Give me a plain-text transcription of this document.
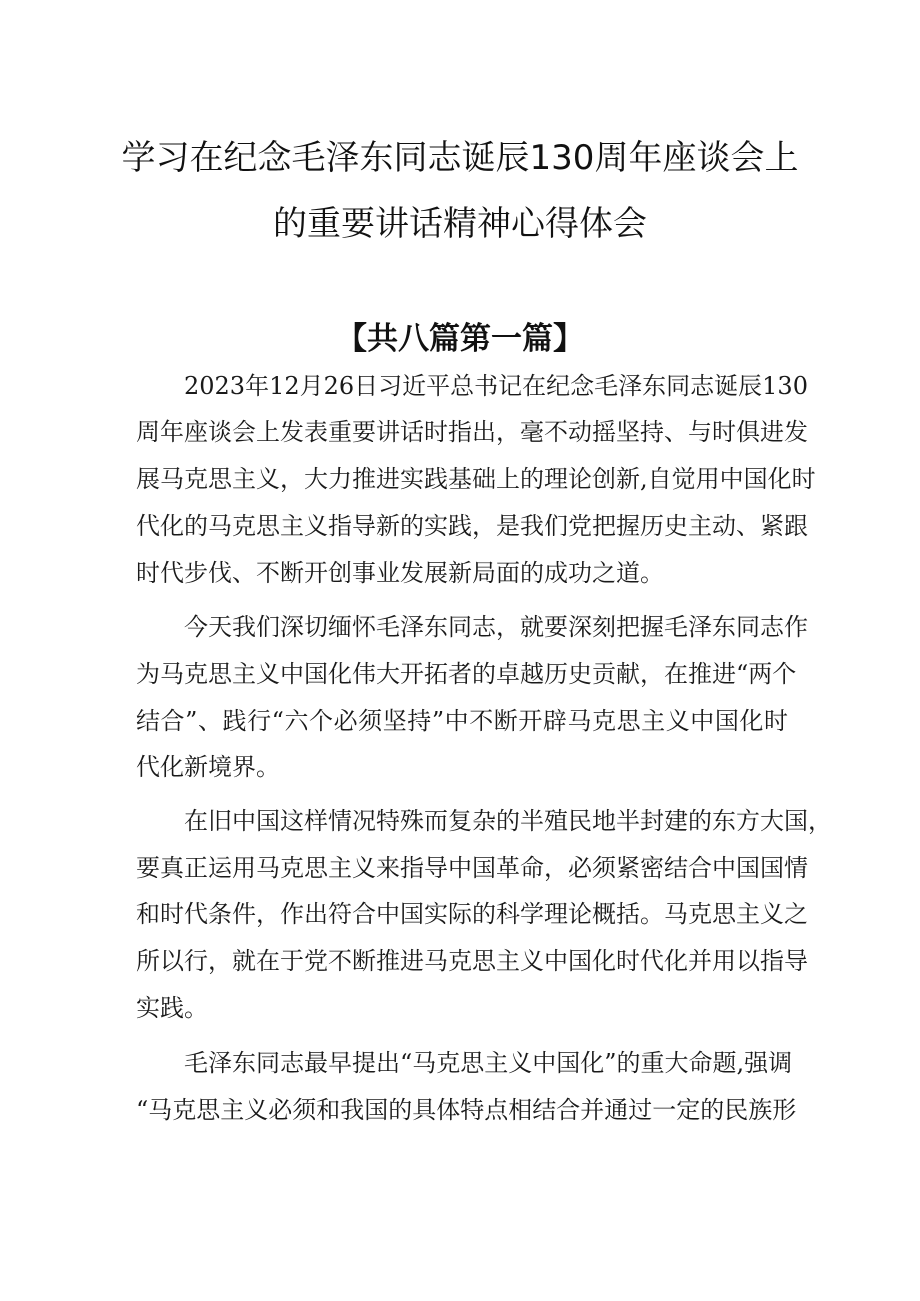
学习在纪念毛泽东同志诞辰130周年座谈会上
的重要讲话精神心得体会
【共八篇第一篇】
2023年12月26日习近平总书记在纪念毛泽东同志诞辰130
周年座谈会上发表重要讲话时指出，毫不动摇坚持、与时俱进发
展马克思主义，大力推进实践基础上的理论创新,自觉用中国化时
代化的马克思主义指导新的实践，是我们党把握历史主动、紧跟
时代步伐、不断开创事业发展新局面的成功之道。
今天我们深切缅怀毛泽东同志，就要深刻把握毛泽东同志作
为马克思主义中国化伟大开拓者的卓越历史贡献，在推进“两个
结合”、践行“六个必须坚持”中不断开辟马克思主义中国化时
代化新境界。
在旧中国这样情况特殊而复杂的半殖民地半封建的东方大国，
要真正运用马克思主义来指导中国革命，必须紧密结合中国国情
和时代条件，作出符合中国实际的科学理论概括。马克思主义之
所以行，就在于党不断推进马克思主义中国化时代化并用以指导
实践。
毛泽东同志最早提出“马克思主义中国化”的重大命题,强调
“马克思主义必须和我国的具体特点相结合并通过一定的民族形
